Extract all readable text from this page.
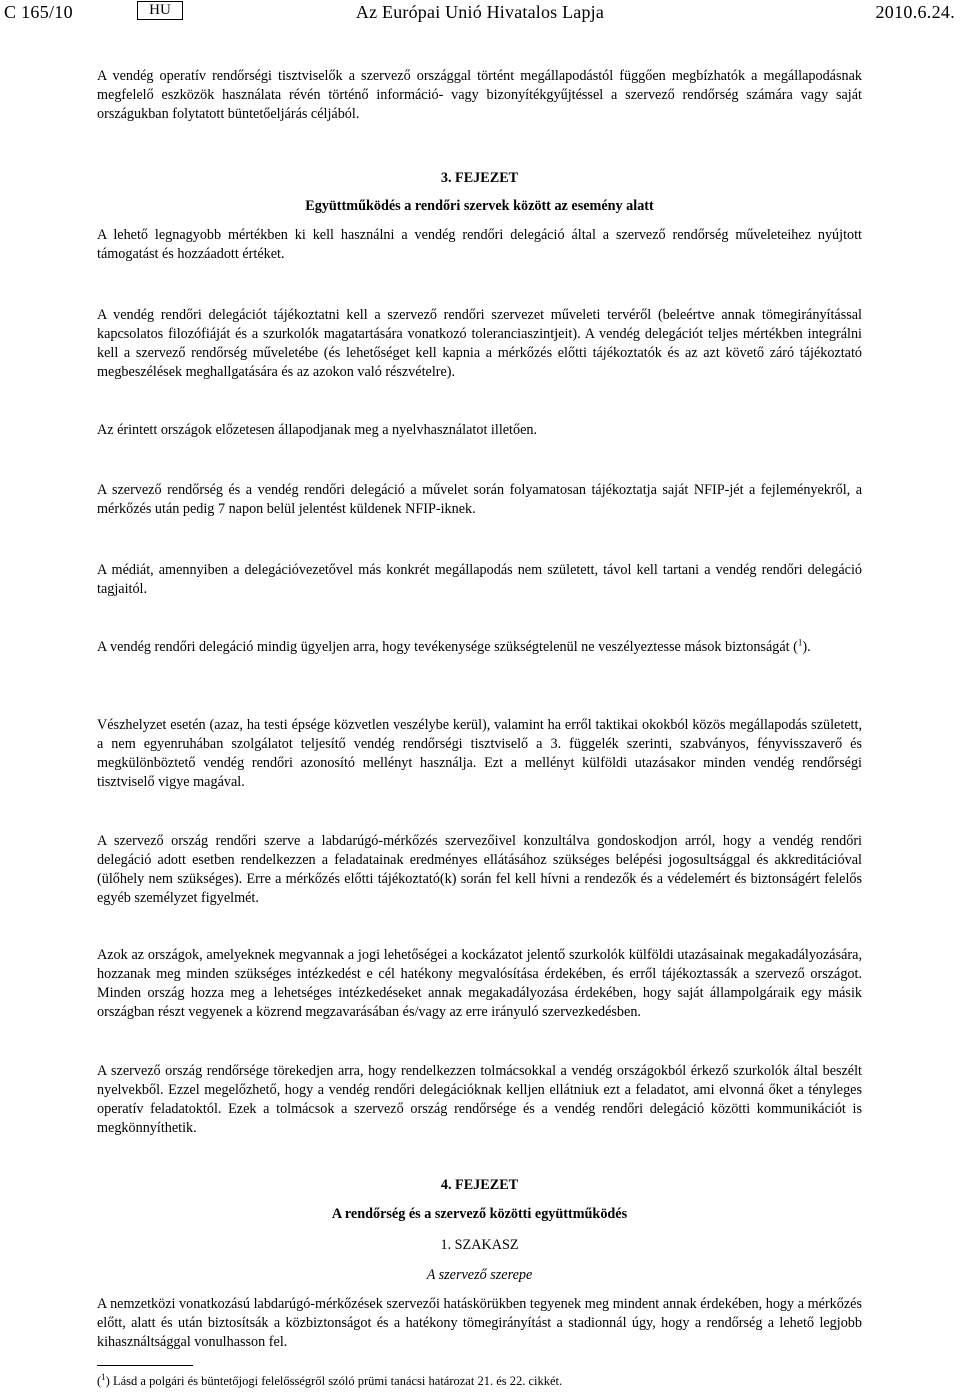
C 165/10	HU	Az Európai Unió Hivatalos Lapja	2010.6.24.

A vendég operatív rendőrségi tisztviselők a szervező országgal történt megállapodástól függően megbízhatók a megállapodásnak megfelelő eszközök használata révén történő információ- vagy bizonyítékgyűjtéssel a szervező rendőrség számára vagy saját országukban folytatott büntetőeljárás céljából.

3. FEJEZET

Együttműködés a rendőri szervek között az esemény alatt

A lehető legnagyobb mértékben ki kell használni a vendég rendőri delegáció által a szervező rendőrség műveleteihez nyújtott támogatást és hozzáadott értéket.

A vendég rendőri delegációt tájékoztatni kell a szervező rendőri szervezet műveleti tervéről (beleértve annak tömegirányítással kapcsolatos filozófiáját és a szurkolók magatartására vonatkozó toleranciaszintjeit). A vendég delegációt teljes mértékben integrálni kell a szervező rendőrség műveletébe (és lehetőséget kell kapnia a mérkőzés előtti tájékoztatók és az azt követő záró tájékoztató megbeszélések meghallgatására és az azokon való részvételre).

Az érintett országok előzetesen állapodjanak meg a nyelvhasználatot illetően.

A szervező rendőrség és a vendég rendőri delegáció a művelet során folyamatosan tájékoztatja saját NFIP-jét a fejleményekről, a mérkőzés után pedig 7 napon belül jelentést küldenek NFIP-iknek.

A médiát, amennyiben a delegációvezetővel más konkrét megállapodás nem született, távol kell tartani a vendég rendőri delegáció tagjaitól.

A vendég rendőri delegáció mindig ügyeljen arra, hogy tevékenysége szükségtelenül ne veszélyeztesse mások biztonságát ($^1$).

Vészhelyzet esetén (azaz, ha testi épsége közvetlen veszélybe kerül), valamint ha erről taktikai okokból közös megállapodás született, a nem egyenruhában szolgálatot teljesítő vendég rendőrségi tisztviselő a 3. függelék szerinti, szabványos, fényvisszaverő és megkülönböztető vendég rendőri azonosító mellényt használja. Ezt a mellényt külföldi utazásakor minden vendég rendőrségi tisztviselő vigye magával.

A szervező ország rendőri szerve a labdarúgó-mérkőzés szervezőivel konzultálva gondoskodjon arról, hogy a vendég rendőri delegáció adott esetben rendelkezzen a feladatainak eredményes ellátásához szükséges belépési jogosultsággal és akkreditációval (ülőhely nem szükséges). Erre a mérkőzés előtti tájékoztató(k) során fel kell hívni a rendezők és a védelemért és biztonságért felelős egyéb személyzet figyelmét.

Azok az országok, amelyeknek megvannak a jogi lehetőségei a kockázatot jelentő szurkolók külföldi utazásainak megakadályozására, hozzanak meg minden szükséges intézkedést e cél hatékony megvalósítása érdekében, és erről tájékoztassák a szervező országot. Minden ország hozza meg a lehetséges intézkedéseket annak megakadályozása érdekében, hogy saját állampolgáraik egy másik országban részt vegyenek a közrend megzavarásában és/vagy az erre irányuló szervezkedésben.

A szervező ország rendőrsége törekedjen arra, hogy rendelkezzen tolmácsokkal a vendég országokból érkező szurkolók által beszélt nyelvekből. Ezzel megelőzhető, hogy a vendég rendőri delegációknak kelljen ellátniuk ezt a feladatot, ami elvonná őket a tényleges operatív feladatoktól. Ezek a tolmácsok a szervező ország rendőrsége és a vendég rendőri delegáció közötti kommunikációt is megkönnyíthetik.

4. FEJEZET

A rendőrség és a szervező közötti együttműködés

1. SZAKASZ

A szervező szerepe

A nemzetközi vonatkozású labdarúgó-mérkőzések szervezői hatáskörükben tegyenek meg mindent annak érdekében, hogy a mérkőzés előtt, alatt és után biztosítsák a közbiztonságot és a hatékony tömegirányítást a stadionnál úgy, hogy a rendőrség a lehető legjobb kihasználtsággal vonulhasson fel.

($^1$) Lásd a polgári és büntetőjogi felelősségről szóló prümi tanácsi határozat 21. és 22. cikkét.
